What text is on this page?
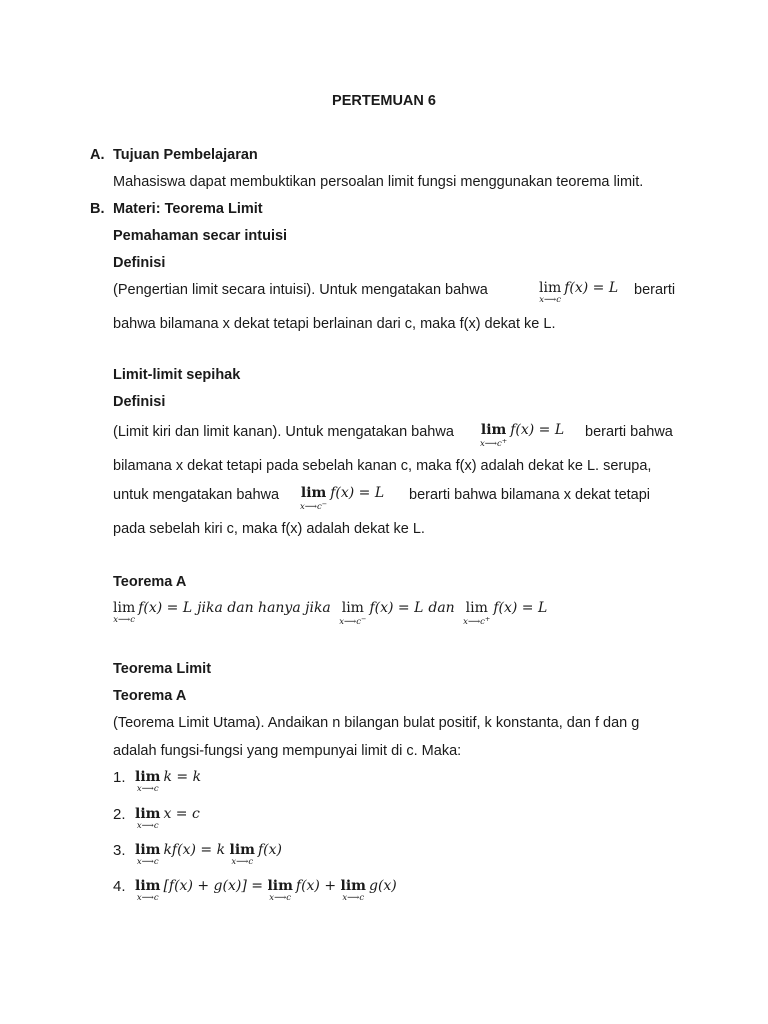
PERTEMUAN 6
A. Tujuan Pembelajaran
Mahasiswa dapat membuktikan persoalan limit fungsi menggunakan teorema limit.
B. Materi: Teorema Limit
Pemahaman secar intuisi
Definisi
(Pengertian limit secara intuisi). Untuk mengatakan bahwa	lim
x⟶c
f(x) = L berarti
bahwa bilamana x dekat tetapi berlainan dari c, maka f(x) dekat ke L.
Limit-limit sepihak
Definisi
(Limit kiri dan limit kanan). Untuk mengatakan bahwa lim
x⟶c+
f(x) = L berarti bahwa
bilamana x dekat tetapi pada sebelah kanan c, maka f(x) adalah dekat ke L. serupa,
untuk mengatakan bahwa lim
x⟶c−
f(x) = L berarti bahwa bilamana x dekat tetapi
pada sebelah kiri c, maka f(x) adalah dekat ke L.
Teorema A
lim
x⟶c
f(x) = L jika dan hanya jika lim
x⟶c−
f(x) = L dan lim
x⟶c+
f(x) = L
Teorema Limit
Teorema A
(Teorema Limit Utama). Andaikan n bilangan bulat positif, k konstanta, dan f dan g
adalah fungsi-fungsi yang mempunyai limit di c. Maka:
1. lim
x⟶c
k = k
2. lim
x⟶c
x = c
3. lim
x⟶c
kf(x) = k lim
x⟶c
f(x)
4. lim
x⟶c
[f(x) + g(x)] = lim
x⟶c
f(x) + lim
x⟶c
g(x)
